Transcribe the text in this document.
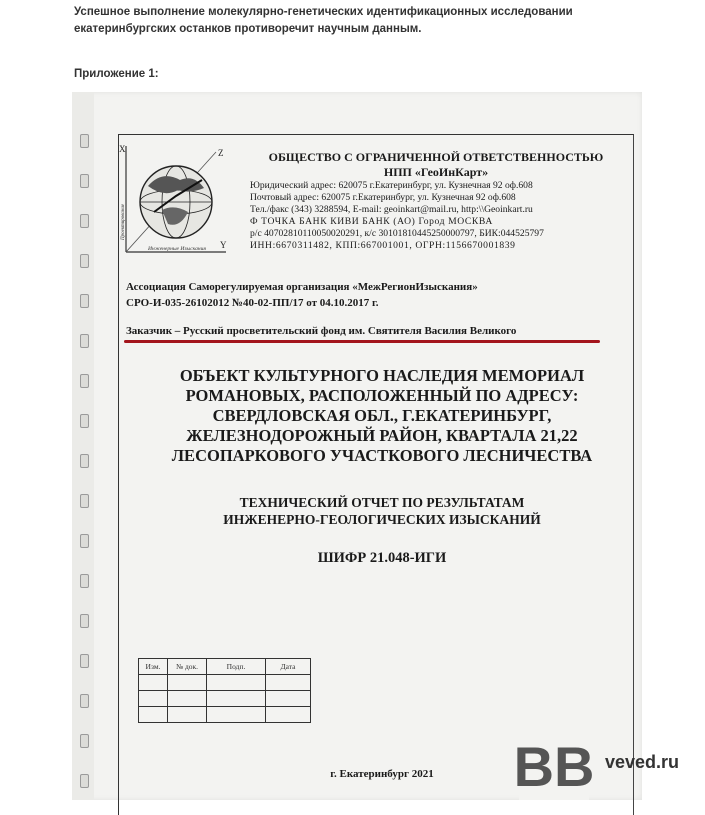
Успешное выполнение молекулярно-генетических идентификационных исследовании екатеринбургских останков противоречит научным данным.
Приложение 1:
X
Y
Z
Инженерные Изыскания
Проектирование
ОБЩЕСТВО С ОГРАНИЧЕННОЙ ОТВЕТСТВЕННОСТЬЮ
НПП «ГеоИнКарт»
Юридический адрес: 620075 г.Екатеринбург, ул. Кузнечная 92 оф.608
Почтовый адрес: 620075 г.Екатеринбург, ул. Кузнечная 92 оф.608
Тел./факс (343) 3288594, E-mail: geoinkart@mail.ru, http:\\Geoinkart.ru
Ф ТОЧКА БАНК КИВИ БАНК (АО) Город МОСКВА
р/с 40702810110050020291, к/с 30101810445250000797, БИК:044525797
ИНН:6670311482, КПП:667001001, ОГРН:1156670001839
Ассоциация Саморегулируемая организация «МежРегионИзыскания»
СРО-И-035-26102012 №40-02-ПП/17 от 04.10.2017 г.
Заказчик – Русский просветительский фонд им. Святителя Василия Великого
ОБЪЕКТ КУЛЬТУРНОГО НАСЛЕДИЯ МЕМОРИАЛ
РОМАНОВЫХ, РАСПОЛОЖЕННЫЙ ПО АДРЕСУ:
СВЕРДЛОВСКАЯ ОБЛ., Г.ЕКАТЕРИНБУРГ,
ЖЕЛЕЗНОДОРОЖНЫЙ РАЙОН, КВАРТАЛА 21,22
ЛЕСОПАРКОВОГО УЧАСТКОВОГО ЛЕСНИЧЕСТВА
ТЕХНИЧЕСКИЙ ОТЧЕТ ПО РЕЗУЛЬТАТАМ
ИНЖЕНЕРНО-ГЕОЛОГИЧЕСКИХ ИЗЫСКАНИЙ
ШИФР 21.048-ИГИ
Изм.	№ док.	Подп.	Дата

г. Екатеринбург 2021	BB veved.ru
